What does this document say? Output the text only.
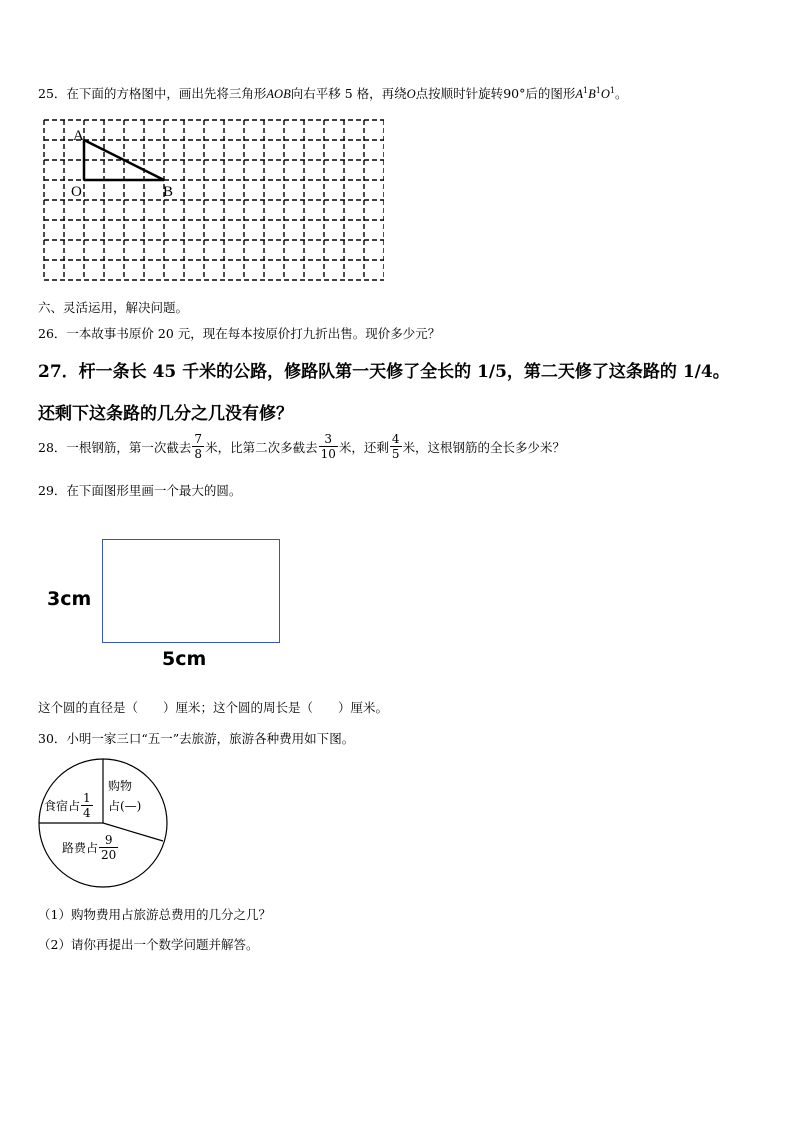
25．在下面的方格图中，画出先将三角形AOB向右平移 5 格，再绕O点按顺时针旋转90°后的图形$A^1B^1O^1$。
A
O	B
六、灵活运用，解决问题。
26．一本故事书原价 20 元，现在每本按原价打九折出售。现价多少元？
27．杆一条长 45 千米的公路，修路队第一天修了全长的 1/5，第二天修了这条路的 1/4。
还剩下这条路的几分之几没有修？
28． 一根钢筋，第一次截去 $\frac{7}{8}$ 米，比第二次多截去 $\frac{3}{10}$ 米，还剩 $\frac{4}{5}$ 米，这根钢筋的全长多少米？
29．在下面图形里画一个最大的圆。
3cm
5cm
这个圆的直径是（　　）厘米；这个圆的周长是（　　）厘米。
30．小明一家三口“五一”去旅游，旅游各种费用如下图。
购物
占(—)
食宿占 $\frac{1}{4}$
路费占 $\frac{9}{20}$
（1）购物费用占旅游总费用的几分之几？
（2）请你再提出一个数学问题并解答。
